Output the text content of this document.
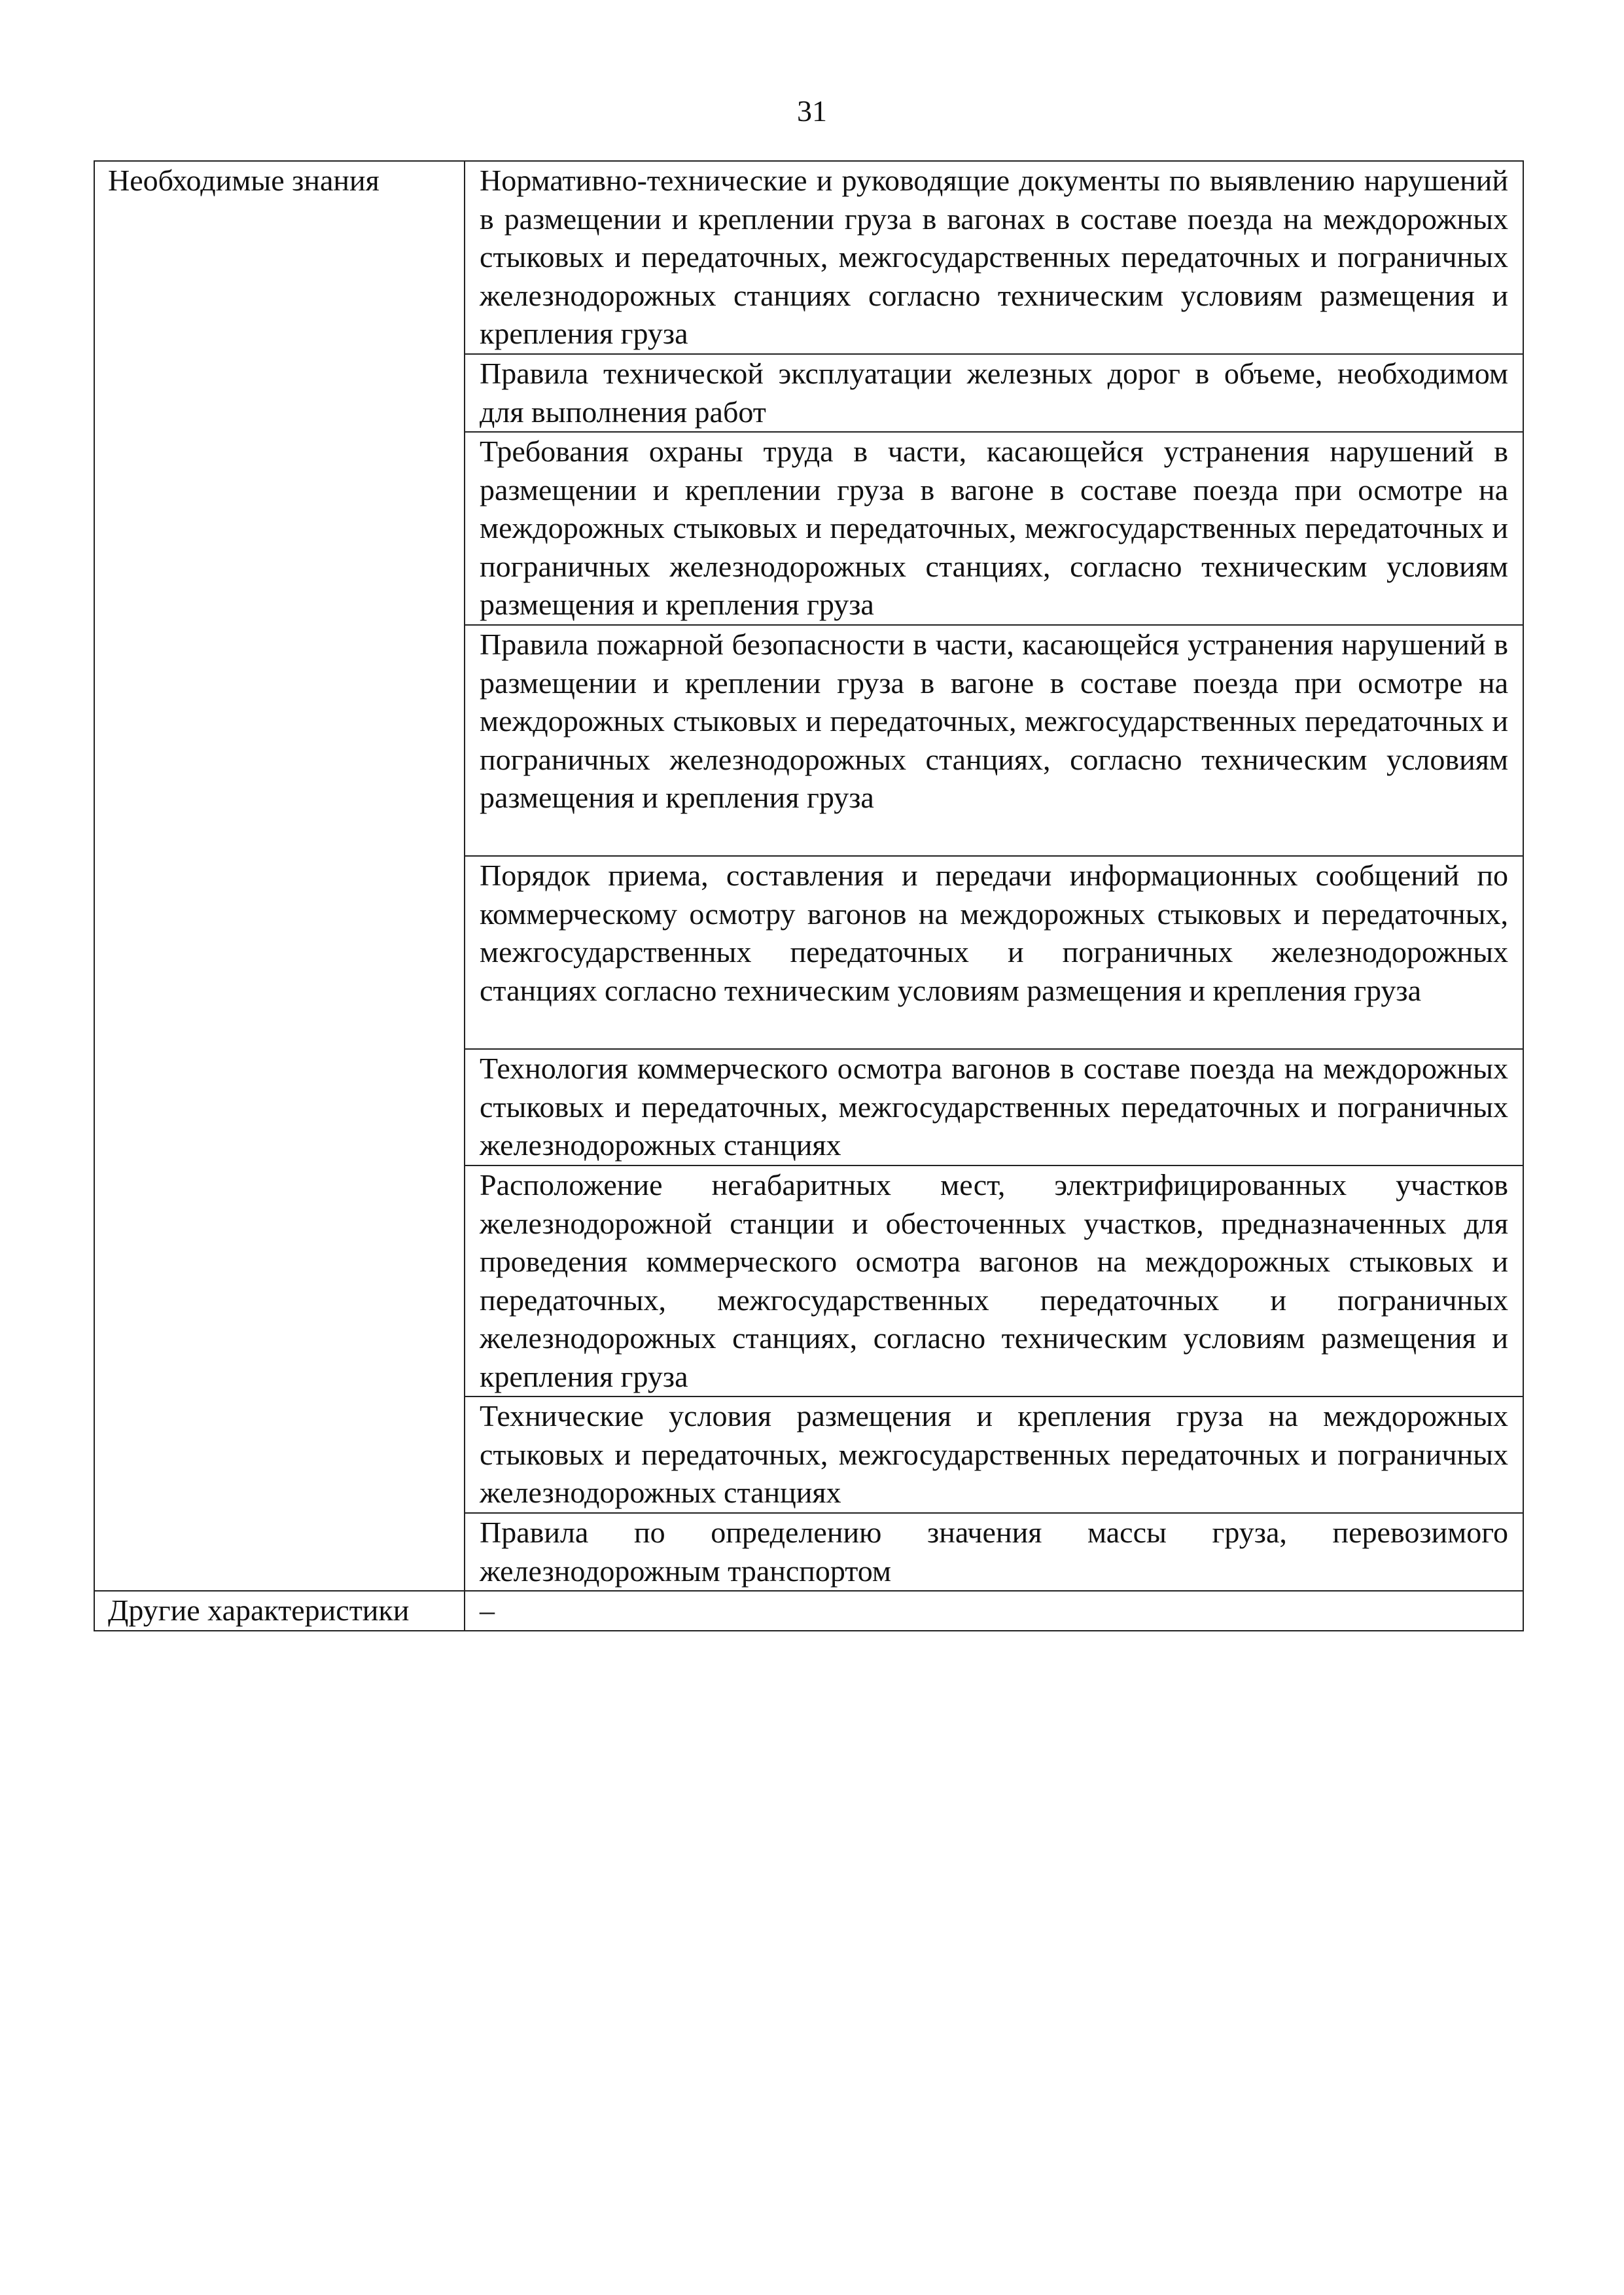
31
Необходимые знания	Нормативно-технические и руководящие документы по выявлению нарушений в размещении и креплении груза в вагонах в составе поезда на междорожных стыковых и передаточных, межгосударственных передаточных и пограничных железнодорожных станциях согласно техническим условиям размещения и крепления груза
	Правила технической эксплуатации железных дорог в объеме, необходимом для выполнения работ
	Требования охраны труда в части, касающейся устранения нарушений в размещении и креплении груза в вагоне в составе поезда при осмотре на междорожных стыковых и передаточных, межгосударственных передаточных и пограничных железнодорожных станциях, согласно техническим условиям размещения и крепления груза
	Правила пожарной безопасности в части, касающейся устранения нарушений в размещении и креплении груза в вагоне в составе поезда при осмотре на междорожных стыковых и передаточных, межгосударственных передаточных и пограничных железнодорожных станциях, согласно техническим условиям размещения и крепления груза
	Порядок приема, составления и передачи информационных сообщений по коммерческому осмотру вагонов на междорожных стыковых и передаточных, межгосударственных передаточных и пограничных железнодорожных станциях согласно техническим условиям размещения и крепления груза
	Технология коммерческого осмотра вагонов в составе поезда на междорожных стыковых и передаточных, межгосударственных передаточных и пограничных железнодорожных станциях
	Расположение негабаритных мест, электрифицированных участков железнодорожной станции и обесточенных участков, предназначенных для проведения коммерческого осмотра вагонов на междорожных стыковых и передаточных, межгосударственных передаточных и пограничных железнодорожных станциях, согласно техническим условиям размещения и крепления груза
	Технические условия размещения и крепления груза на междорожных стыковых и передаточных, межгосударственных передаточных и пограничных железнодорожных станциях
	Правила по определению значения массы груза, перевозимого железнодорожным транспортом
Другие характеристики	–
